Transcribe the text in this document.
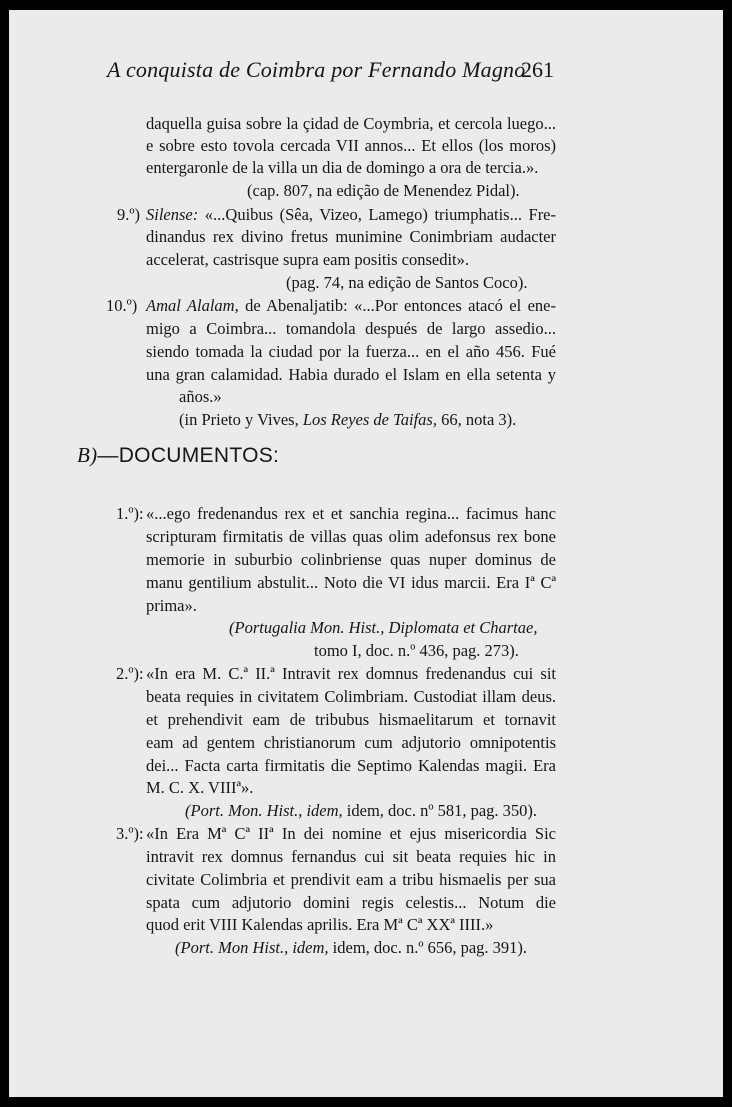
A conquista de Coimbra por Fernando Magno
261
daquella guisa sobre la çidad de Coymbria, et cercola luego...
e sobre esto tovola cercada VII annos... Et ellos (los moros)
entergaronle de la villa un dia de domingo a ora de tercia.».
(cap. 807, na edição de Menendez Pidal).
9.º) Silense: «...Quibus (Sêa, Vizeo, Lamego) triumphatis... Fre-
dinandus rex divino fretus munimine Conimbriam audacter
accelerat, castrisque supra eam positis consedit».
(pag. 74, na edição de Santos Coco).
10.º) Amal Alalam, de Abenaljatib: «...Por entonces atacó el ene-
migo a Coimbra... tomandola después de largo assedio...
siendo tomada la ciudad por la fuerza... en el año 456. Fué
una gran calamidad. Habia durado el Islam en ella setenta y
años.»
(in Prieto y Vives, Los Reyes de Taifas, 66, nota 3).
B)—DOCUMENTOS:
1.º): «...ego fredenandus rex et et sanchia regina... facimus hanc
scripturam firmitatis de villas quas olim adefonsus rex bone
memorie in suburbio colinbriense quas nuper dominus de
manu gentilium abstulit... Noto die VI idus marcii. Era Iª Cª
prima».
(Portugalia Mon. Hist., Diplomata et Chartae,
tomo I, doc. n.º 436, pag. 273).
2.º): «In era M. C.ª II.ª Intravit rex domnus fredenandus cui sit
beata requies in civitatem Colimbriam. Custodiat illam deus.
et prehendivit eam de tribubus hismaelitarum et tornavit
eam ad gentem christianorum cum adjutorio omnipotentis
dei... Facta carta firmitatis die Septimo Kalendas magii. Era
M. C. X. VIIIª».
(Port. Mon. Hist., idem, idem, doc. nº 581, pag. 350).
3.º): «In Era Mª Cª IIª In dei nomine et ejus misericordia Sic
intravit rex domnus fernandus cui sit beata requies hic in
civitate Colimbria et prendivit eam a tribu hismaelis per sua
spata cum adjutorio domini regis celestis... Notum die
quod erit VIII Kalendas aprilis. Era Mª Cª XXª IIII.»
(Port. Mon Hist., idem, idem, doc. n.º 656, pag. 391).
